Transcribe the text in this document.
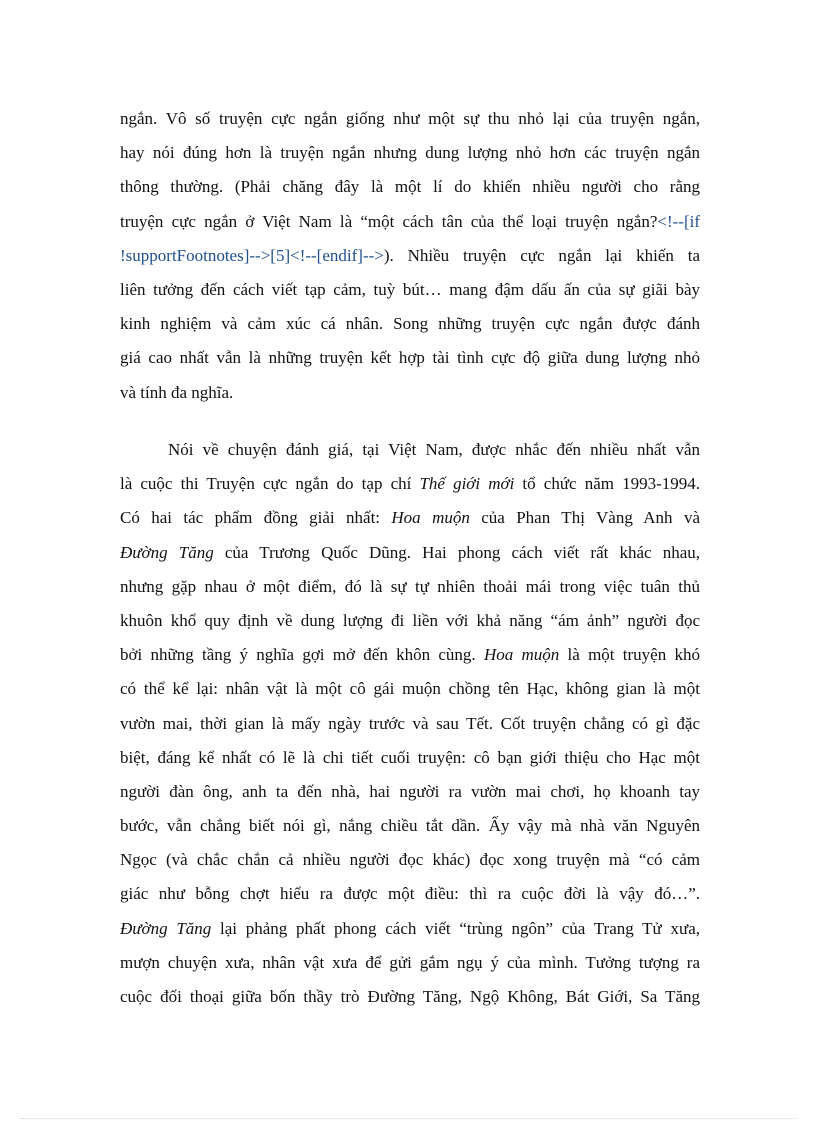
ngắn. Vô số truyện cực ngắn giống như một sự thu nhỏ lại của truyện ngắn,
hay nói đúng hơn là truyện ngắn nhưng dung lượng nhỏ hơn các truyện ngắn
thông thường. (Phải chăng đây là một lí do khiến nhiều người cho rằng
truyện cực ngắn ở Việt Nam là “một cách tân của thể loại truyện ngắn?<!--[if
!supportFootnotes]-->[5]<!--[endif]-->). Nhiều truyện cực ngắn lại khiến ta
liên tưởng đến cách viết tạp cảm, tuỳ bút… mang đậm dấu ấn của sự giãi bày
kinh nghiệm và cảm xúc cá nhân. Song những truyện cực ngắn được đánh
giá cao nhất vẫn là những truyện kết hợp tài tình cực độ giữa dung lượng nhỏ
và tính đa nghĩa.
Nói về chuyện đánh giá, tại Việt Nam, được nhắc đến nhiều nhất vẫn
là cuộc thi Truyện cực ngắn do tạp chí Thế giới mới tổ chức năm 1993-1994.
Có hai tác phẩm đồng giải nhất: Hoa muộn của Phan Thị Vàng Anh và
Đường Tăng của Trương Quốc Dũng. Hai phong cách viết rất khác nhau,
nhưng gặp nhau ở một điểm, đó là sự tự nhiên thoải mái trong việc tuân thủ
khuôn khổ quy định về dung lượng đi liền với khả năng “ám ảnh” người đọc
bởi những tầng ý nghĩa gợi mở đến khôn cùng. Hoa muộn là một truyện khó
có thể kể lại: nhân vật là một cô gái muộn chồng tên Hạc, không gian là một
vườn mai, thời gian là mấy ngày trước và sau Tết. Cốt truyện chẳng có gì đặc
biệt, đáng kể nhất có lẽ là chi tiết cuối truyện: cô bạn giới thiệu cho Hạc một
người đàn ông, anh ta đến nhà, hai người ra vườn mai chơi, họ khoanh tay
bước, vẫn chẳng biết nói gì, nắng chiều tắt dần. Ấy vậy mà nhà văn Nguyên
Ngọc (và chắc chắn cả nhiều người đọc khác) đọc xong truyện mà “có cảm
giác như bỗng chợt hiểu ra được một điều: thì ra cuộc đời là vậy đó…”.
Đường Tăng lại phảng phất phong cách viết “trùng ngôn” của Trang Tử xưa,
mượn chuyện xưa, nhân vật xưa để gửi gắm ngụ ý của mình. Tưởng tượng ra
cuộc đối thoại giữa bốn thầy trò Đường Tăng, Ngộ Không, Bát Giới, Sa Tăng
